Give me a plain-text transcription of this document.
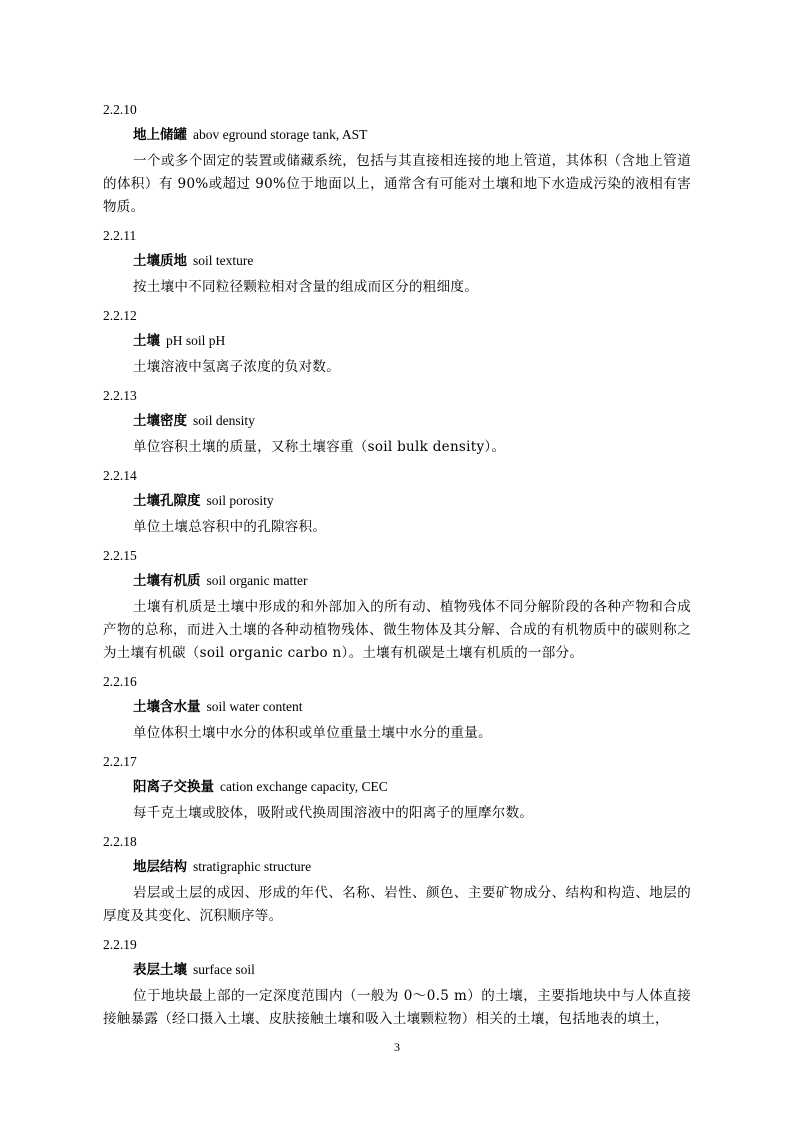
2.2.10
地上储罐 abov eground storage tank, AST

一个或多个固定的装置或储藏系统，包括与其直接相连接的地上管道，其体积（含地上管道的体积）有 90%或超过 90%位于地面以上，通常含有可能对土壤和地下水造成污染的液相有害物质。

2.2.11
土壤质地 soil texture

按土壤中不同粒径颗粒相对含量的组成而区分的粗细度。

2.2.12
土壤 pH soil pH

土壤溶液中氢离子浓度的负对数。

2.2.13
土壤密度 soil density

单位容积土壤的质量，又称土壤容重（soil bulk density）。

2.2.14
土壤孔隙度 soil porosity

单位土壤总容积中的孔隙容积。

2.2.15
土壤有机质 soil organic matter

土壤有机质是土壤中形成的和外部加入的所有动、植物残体不同分解阶段的各种产物和合成产物的总称，而进入土壤的各种动植物残体、微生物体及其分解、合成的有机物质中的碳则称之为土壤有机碳（soil organic carbo n）。土壤有机碳是土壤有机质的一部分。

2.2.16
土壤含水量 soil water content

单位体积土壤中水分的体积或单位重量土壤中水分的重量。

2.2.17
阳离子交换量 cation exchange capacity, CEC

每千克土壤或胶体，吸附或代换周围溶液中的阳离子的厘摩尔数。

2.2.18
地层结构 stratigraphic structure

岩层或土层的成因、形成的年代、名称、岩性、颜色、主要矿物成分、结构和构造、地层的厚度及其变化、沉积顺序等。

2.2.19
表层土壤 surface soil

位于地块最上部的一定深度范围内（一般为 0～0.5 m）的土壤，主要指地块中与人体直接接触暴露（经口摄入土壤、皮肤接触土壤和吸入土壤颗粒物）相关的土壤，包括地表的填土，

3
